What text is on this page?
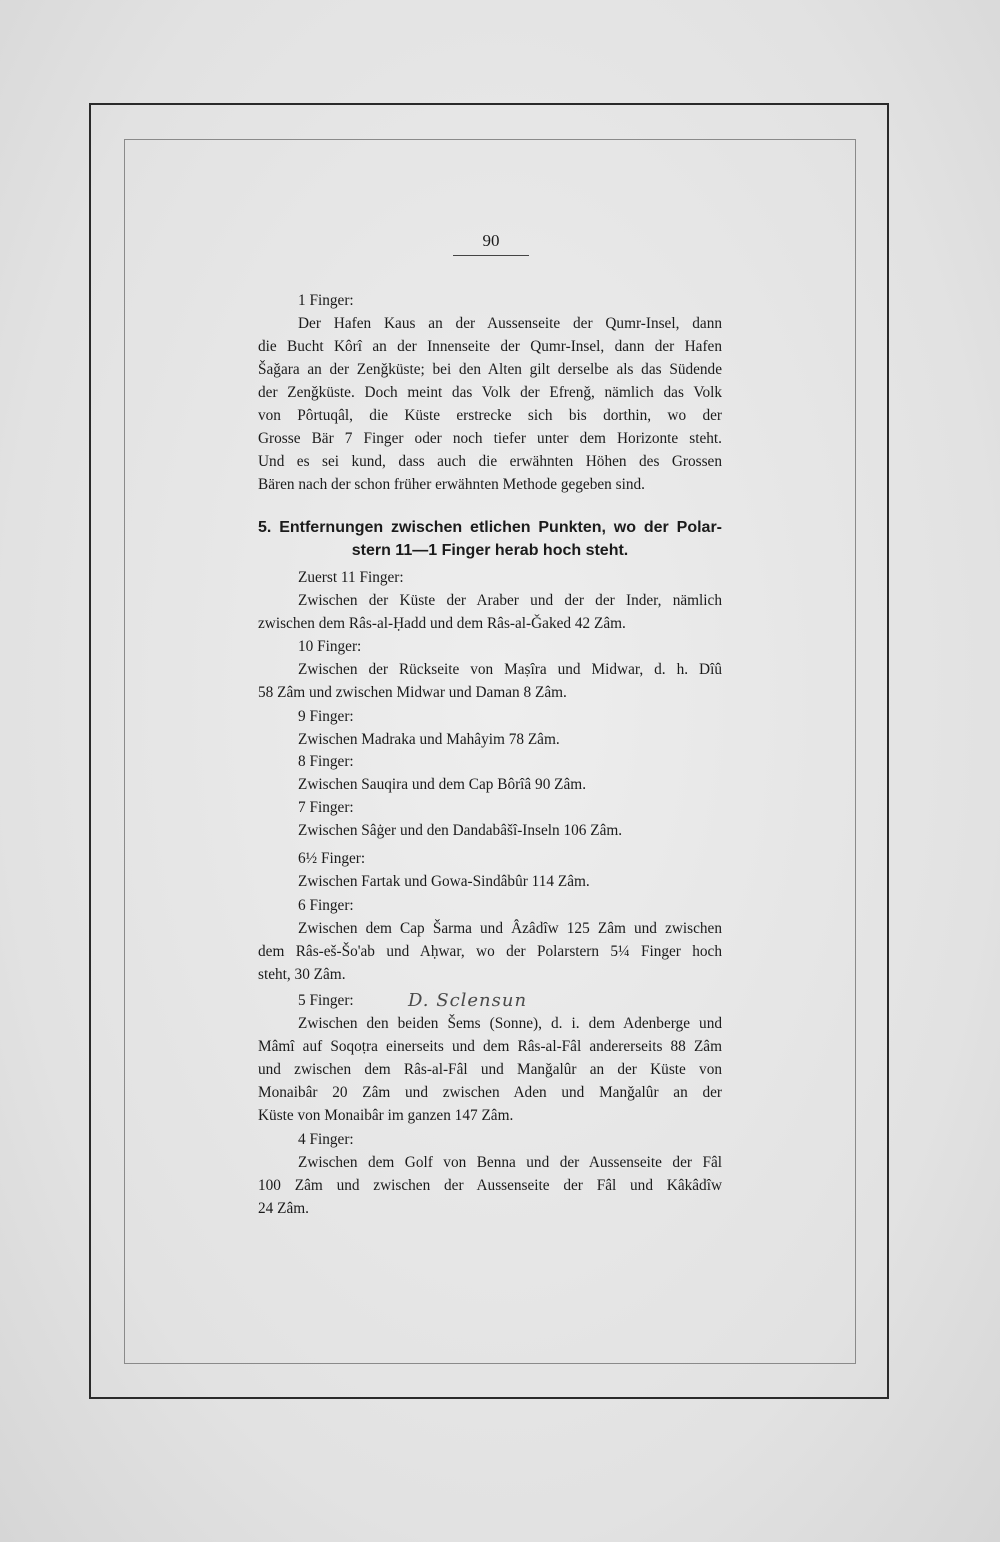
90
1 Finger:
Der Hafen Kaus an der Aussenseite der Qumr-Insel, dann
die Bucht Kôrî an der Innenseite der Qumr-Insel, dann der Hafen
Šaǧara an der Zenǧküste; bei den Alten gilt derselbe als das Südende
der Zenǧküste. Doch meint das Volk der Efrenǧ, nämlich das Volk
von Pôrtuqâl, die Küste erstrecke sich bis dorthin, wo der
Grosse Bär 7 Finger oder noch tiefer unter dem Horizonte steht.
Und es sei kund, dass auch die erwähnten Höhen des Grossen
Bären nach der schon früher erwähnten Methode gegeben sind.
5. Entfernungen zwischen etlichen Punkten, wo der Polar-
stern 11—1 Finger herab hoch steht.
Zuerst 11 Finger:
Zwischen der Küste der Araber und der der Inder, nämlich
zwischen dem Râs-al-Ḥadd und dem Râs-al-Ǧaked 42 Zâm.
10 Finger:
Zwischen der Rückseite von Maṣîra und Midwar, d. h. Dîû
58 Zâm und zwischen Midwar und Daman 8 Zâm.
9 Finger:
Zwischen Madraka und Mahâyim 78 Zâm.
8 Finger:
Zwischen Sauqira und dem Cap Bôrîâ 90 Zâm.
7 Finger:
Zwischen Sâġer und den Dandabâšî-Inseln 106 Zâm.
6½ Finger:
Zwischen Fartak und Gowa-Sindâbûr 114 Zâm.
6 Finger:
Zwischen dem Cap Šarma und Âzâdîw 125 Zâm und zwischen
dem Râs-eš-Šo'ab und Aḥwar, wo der Polarstern 5¼ Finger hoch
steht, 30 Zâm.
5 Finger:	D. Sclensun
Zwischen den beiden Šems (Sonne), d. i. dem Adenberge und
Mâmî auf Soqoṭra einerseits und dem Râs-al-Fâl andererseits 88 Zâm
und zwischen dem Râs-al-Fâl und Manǧalûr an der Küste von
Monaibâr 20 Zâm und zwischen Aden und Manǧalûr an der
Küste von Monaibâr im ganzen 147 Zâm.
4 Finger:
Zwischen dem Golf von Benna und der Aussenseite der Fâl
100 Zâm und zwischen der Aussenseite der Fâl und Kâkâdîw
24 Zâm.
